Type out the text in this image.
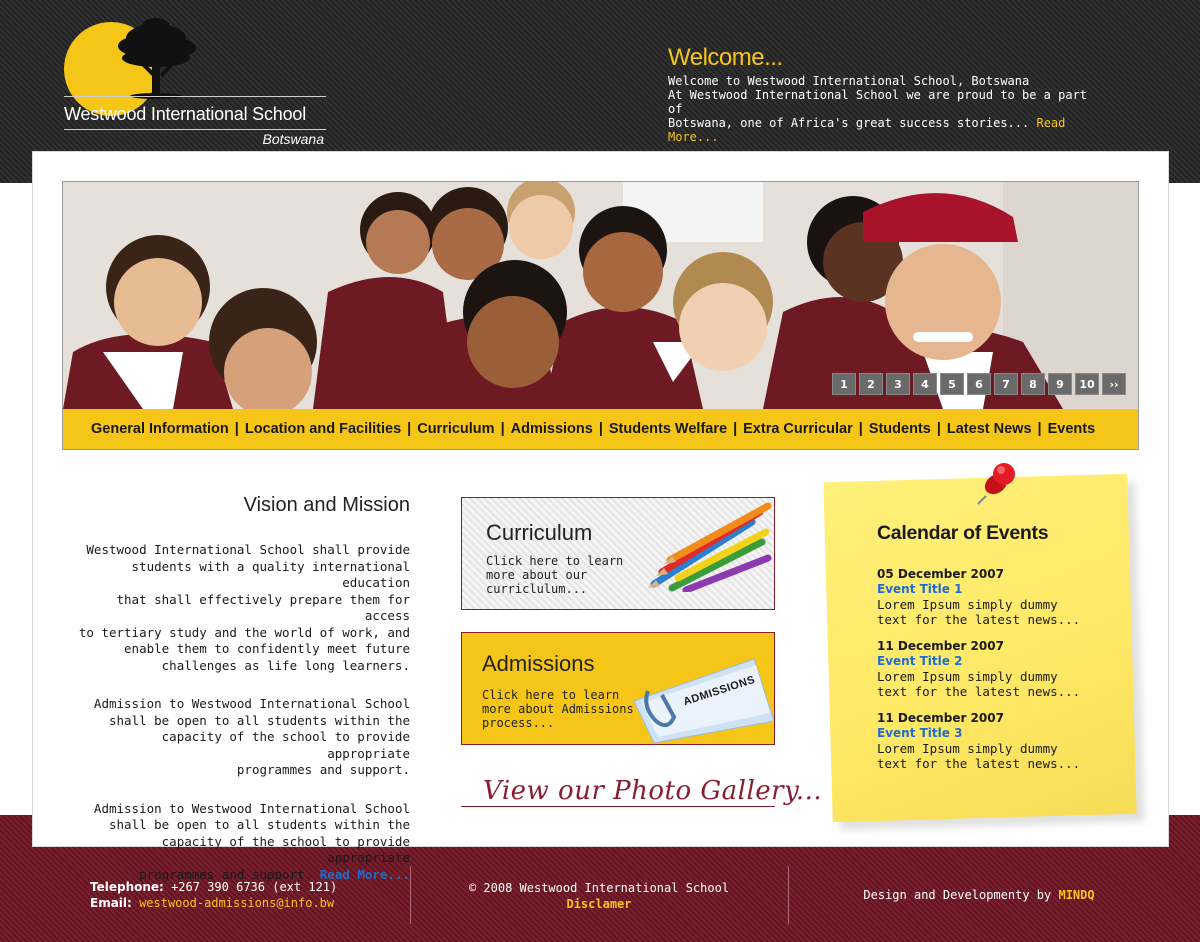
Westwood International School
Botswana
Welcome...
Welcome to Westwood International School, Botswana
At Westwood International School we are proud to be a part of
Botswana, one of Africa's great success stories... Read More...
1	2	3	4	5	6	7	8	9	10	››
General Information | Location and Facilities | Curriculum | Admissions | Students Welfare | Extra Curricular | Students | Latest News | Events
Vision and Mission

Westwood International School shall provide
students with a quality international education
that shall effectively prepare them for access
to tertiary study and the world of work, and
enable them to confidently meet future
challenges as life long learners.

Admission to Westwood International School
shall be open to all students within the
capacity of the school to provide appropriate
programmes and support.

Admission to Westwood International School
shall be open to all students within the
capacity of the school to provide appropriate
programmes and support. Read More...

Curriculum
Click here to learn
more about our
curriclulum...
Admissions
Click here to learn
more about Admissions
process...
ADMISSIONS
View our Photo Gallery...
Calendar of Events
05 December 2007
Event Title 1
Lorem Ipsum simply dummy
text for the latest news...
11 December 2007
Event Title 2
Lorem Ipsum simply dummy
text for the latest news...
11 December 2007
Event Title 3
Lorem Ipsum simply dummy
text for the latest news...
Telephone: +267 390 6736 (ext 121)
Email: westwood-admissions@info.bw
© 2008 Westwood International School
Disclamer
Design and Developmenty by MINDQ
